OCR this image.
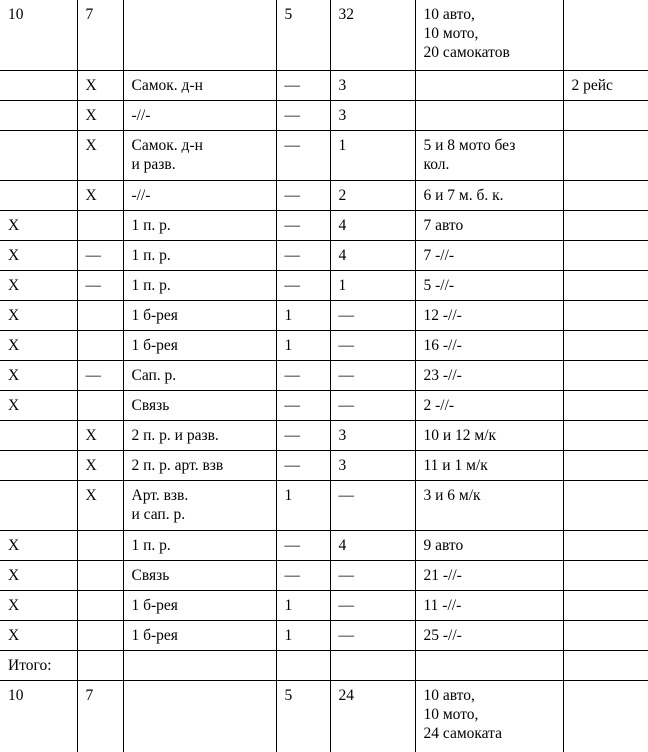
10	7		5	32	10 авто,
10 мото,
20 самокатов	
	Х	Самок. д-н	—	3		2 рейс
	Х	-//-	—	3		
	Х	Самок. д-н
и разв.	—	1	5 и 8 мото без
кол.	
	Х	-//-	—	2	6 и 7 м. б. к.	
Х		1 п. р.	—	4	7 авто	
Х	—	1 п. р.	—	4	7 -//-	
Х	—	1 п. р.	—	1	5 -//-	
Х		1 б-рея	1	—	12 -//-	
Х		1 б-рея	1	—	16 -//-	
Х	—	Сап. р.	—	—	23 -//-	
Х		Связь	—	—	2 -//-	
	Х	2 п. р. и разв.	—	3	10 и 12 м/к	
	Х	2 п. р. арт. взв	—	3	11 и 1 м/к	
	Х	Арт. взв.
и сап. р.	1	—	3 и 6 м/к	
Х		1 п. р.	—	4	9 авто	
Х		Связь	—	—	21 -//-	
Х		1 б-рея	1	—	11 -//-	
Х		1 б-рея	1	—	25 -//-	
Итого:						
10	7		5	24	10 авто,
10 мото,
24 самоката	
